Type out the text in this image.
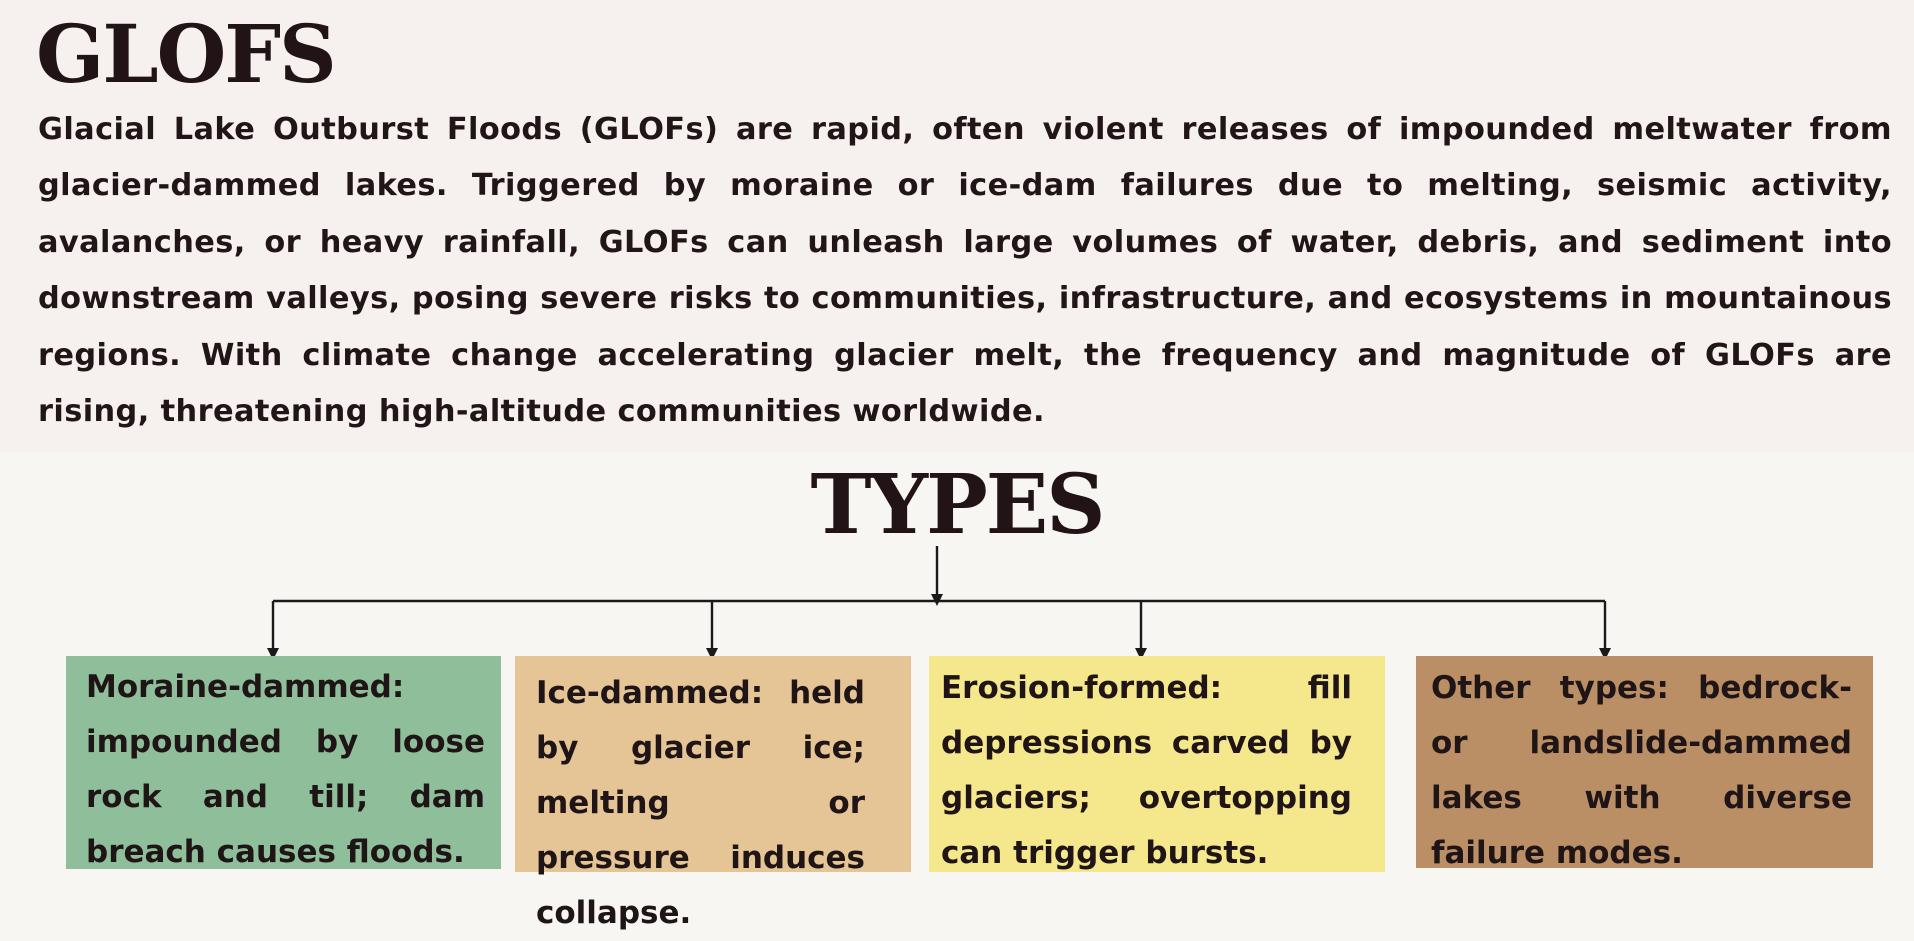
GLOFS

Glacial Lake Outburst Floods (GLOFs) are rapid, often violent releases of impounded meltwater from glacier-dammed lakes. Triggered by moraine or ice-dam failures due to melting, seismic activity, avalanches, or heavy rainfall, GLOFs can unleash large volumes of water, debris, and sediment into downstream valleys, posing severe risks to communities, infrastructure, and ecosystems in mountainous regions. With climate change accelerating glacier melt, the frequency and magnitude of GLOFs are rising, threatening high-altitude communities worldwide.

TYPES

Moraine-dammed: impounded by loose rock and till; dam breach causes floods.

Ice-dammed: held by glacier ice; melting or pressure induces collapse.

Erosion-formed: fill depressions carved by glaciers; overtopping can trigger bursts.

Other types: bedrock- or landslide-dammed lakes with diverse failure modes.
